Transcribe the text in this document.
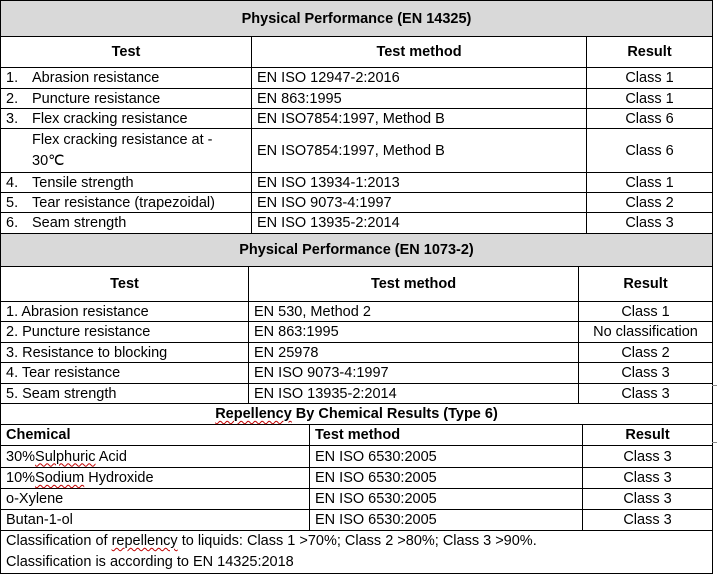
Physical Performance (EN 14325)		
Test	Test method	Result
1. Abrasion resistance	EN ISO 12947-2:2016	Class 1
2. Puncture resistance	EN 863:1995	Class 1
3. Flex cracking resistance	EN ISO7854:1997, Method B	Class 6

Flex cracking resistance at -
30℃	EN ISO7854:1997, Method B	Class 6
4. Tensile strength	EN ISO 13934-1:2013	Class 1
5. Tear resistance (trapezoidal)	EN ISO 9073-4:1997	Class 2
6. Seam strength	EN ISO 13935-2:2014	Class 3
Physical Performance (EN 1073-2)		
Test	Test method	Result
1. Abrasion resistance	EN 530, Method 2	Class 1
2. Puncture resistance	EN 863:1995	No classification
3. Resistance to blocking	EN 25978	Class 2
4. Tear resistance	EN ISO 9073-4:1997	Class 3
5. Seam strength	EN ISO 13935-2:2014	Class 3
Repellency By Chemical Results (Type 6)		
Chemical	Test method	Result
30%Sulphuric Acid	EN ISO 6530:2005	Class 3
10%Sodium Hydroxide	EN ISO 6530:2005	Class 3
o-Xylene	EN ISO 6530:2005	Class 3
Butan-1-ol	EN ISO 6530:2005	Class 3

Classification of repellency to liquids: Class 1 >70%; Class 2 >80%; Class 3 >90%.
Classification is according to EN 14325:2018		
